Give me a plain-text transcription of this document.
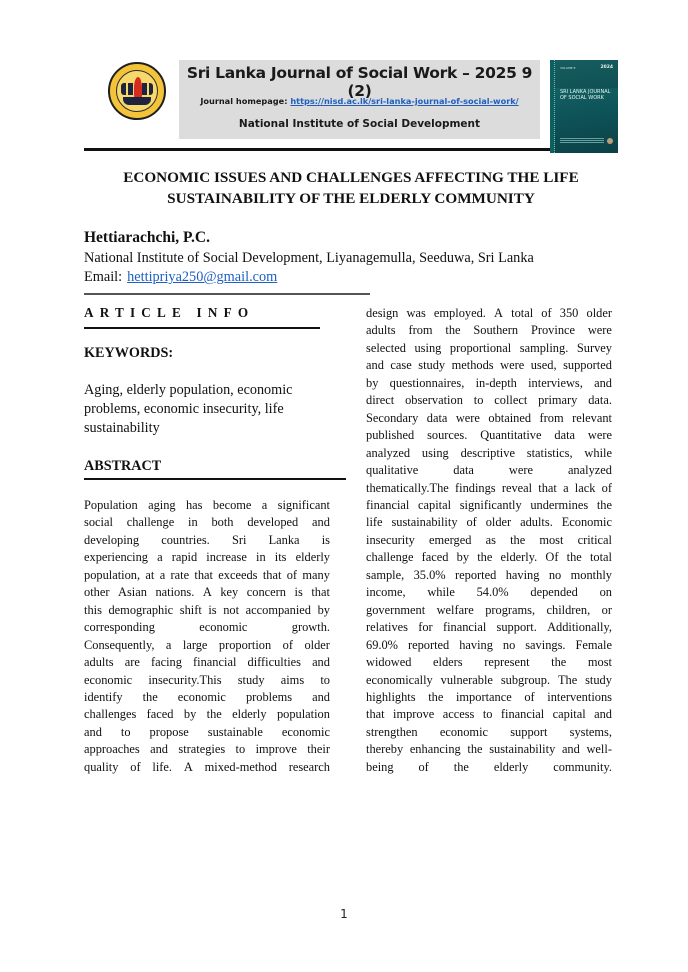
Sri Lanka Journal of Social Work – 2025 9 (2)
Journal homepage: https://nisd.ac.lk/sri-lanka-journal-of-social-work/
National Institute of Social Development
VOLUME 8	2024
SRI LANKA JOURNAL OF SOCIAL WORK
ECONOMIC ISSUES AND CHALLENGES AFFECTING THE LIFE SUSTAINABILITY OF THE ELDERLY COMMUNITY
Hettiarachchi, P.C.
National Institute of Social Development, Liyanagemulla, Seeduwa, Sri Lanka
Email: hettipriya250@gmail.com
ARTICLE INFO
KEYWORDS:
Aging, elderly population, economic problems, economic insecurity, life sustainability
ABSTRACT
Population aging has become a significant
social challenge in both developed and
developing countries. Sri Lanka is
experiencing a rapid increase in its elderly
population, at a rate that exceeds that of many
other Asian nations. A key concern is that
this demographic shift is not accompanied by
corresponding	economic	growth.
Consequently, a large proportion of older
adults are facing financial difficulties and
economic insecurity.This study aims to
identify the economic problems and
challenges faced by the elderly population
and to propose sustainable economic
approaches and strategies to improve their
quality of life. A mixed-method research
design was employed. A total of 350 older
adults from the Southern Province were
selected using proportional sampling. Survey
and case study methods were used, supported
by questionnaires, in-depth interviews, and
direct observation to collect primary data.
Secondary data were obtained from relevant
published sources. Quantitative data were
analyzed using descriptive statistics, while
qualitative	data	were	analyzed
thematically.The findings reveal that a lack of
financial capital significantly undermines the
life sustainability of older adults. Economic
insecurity emerged as the most critical
challenge faced by the elderly. Of the total
sample, 35.0% reported having no monthly
income, while 54.0% depended on
government welfare programs, children, or
relatives for financial support. Additionally,
69.0% reported having no savings. Female
widowed elders represent the most
economically vulnerable subgroup. The study
highlights the importance of interventions
that improve access to financial capital and
strengthen economic support systems,
thereby enhancing the sustainability and well-
being of the elderly community.
1
